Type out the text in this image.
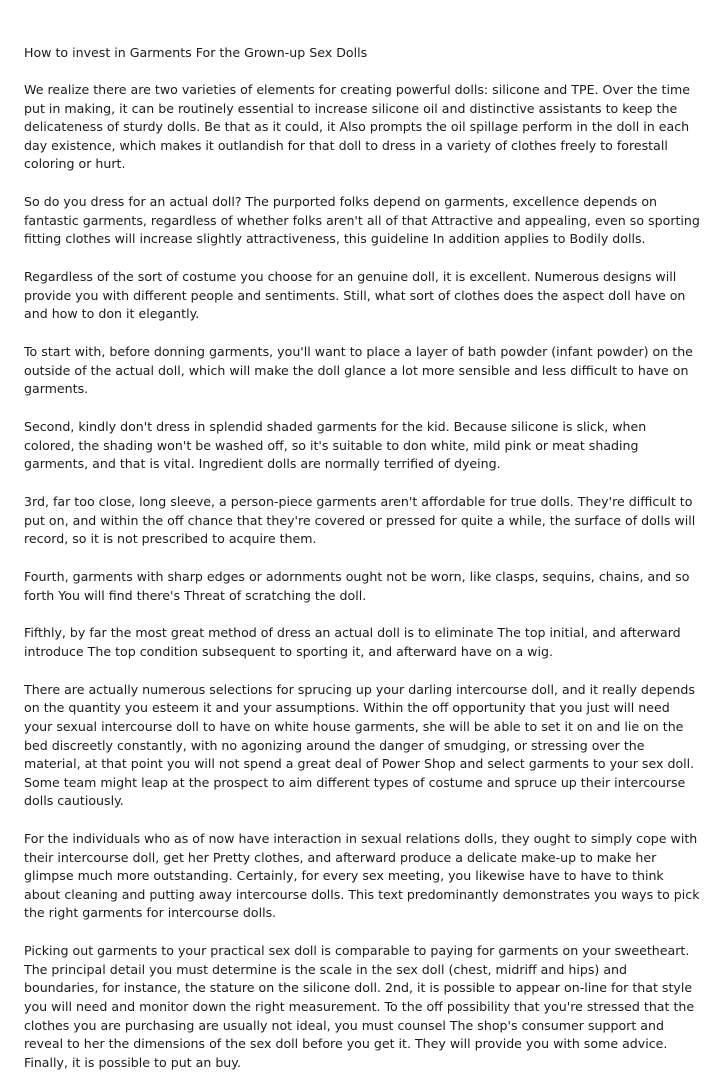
How to invest in Garments For the Grown-up Sex Dolls

We realize there are two varieties of elements for creating powerful dolls: silicone and TPE. Over the time put in making, it can be routinely essential to increase silicone oil and distinctive assistants to keep the delicateness of sturdy dolls. Be that as it could, it Also prompts the oil spillage perform in the doll in each day existence, which makes it outlandish for that doll to dress in a variety of clothes freely to forestall coloring or hurt.

So do you dress for an actual doll? The purported folks depend on garments, excellence depends on fantastic garments, regardless of whether folks aren't all of that Attractive and appealing, even so sporting fitting clothes will increase slightly attractiveness, this guideline In addition applies to Bodily dolls.

Regardless of the sort of costume you choose for an genuine doll, it is excellent. Numerous designs will provide you with different people and sentiments. Still, what sort of clothes does the aspect doll have on and how to don it elegantly.

To start with, before donning garments, you'll want to place a layer of bath powder (infant powder) on the outside of the actual doll, which will make the doll glance a lot more sensible and less difficult to have on garments.

Second, kindly don't dress in splendid shaded garments for the kid. Because silicone is slick, when colored, the shading won't be washed off, so it's suitable to don white, mild pink or meat shading garments, and that is vital. Ingredient dolls are normally terrified of dyeing.

3rd, far too close, long sleeve, a person-piece garments aren't affordable for true dolls. They're difficult to put on, and within the off chance that they're covered or pressed for quite a while, the surface of dolls will record, so it is not prescribed to acquire them.

Fourth, garments with sharp edges or adornments ought not be worn, like clasps, sequins, chains, and so forth You will find there's Threat of scratching the doll.

Fifthly, by far the most great method of dress an actual doll is to eliminate The top initial, and afterward introduce The top condition subsequent to sporting it, and afterward have on a wig.

There are actually numerous selections for sprucing up your darling intercourse doll, and it really depends on the quantity you esteem it and your assumptions. Within the off opportunity that you just will need your sexual intercourse doll to have on white house garments, she will be able to set it on and lie on the bed discreetly constantly, with no agonizing around the danger of smudging, or stressing over the material, at that point you will not spend a great deal of Power Shop and select garments to your sex doll. Some team might leap at the prospect to aim different types of costume and spruce up their intercourse dolls cautiously.

For the individuals who as of now have interaction in sexual relations dolls, they ought to simply cope with their intercourse doll, get her Pretty clothes, and afterward produce a delicate make-up to make her glimpse much more outstanding. Certainly, for every sex meeting, you likewise have to have to think about cleaning and putting away intercourse dolls. This text predominantly demonstrates you ways to pick the right garments for intercourse dolls.

Picking out garments to your practical sex doll is comparable to paying for garments on your sweetheart. The principal detail you must determine is the scale in the sex doll (chest, midriff and hips) and boundaries, for instance, the stature on the silicone doll. 2nd, it is possible to appear on-line for that style you will need and monitor down the right measurement. To the off possibility that you're stressed that the clothes you are purchasing are usually not ideal, you must counsel The shop's consumer support and reveal to her the dimensions of the sex doll before you get it. They will provide you with some advice. Finally, it is possible to put an buy.
